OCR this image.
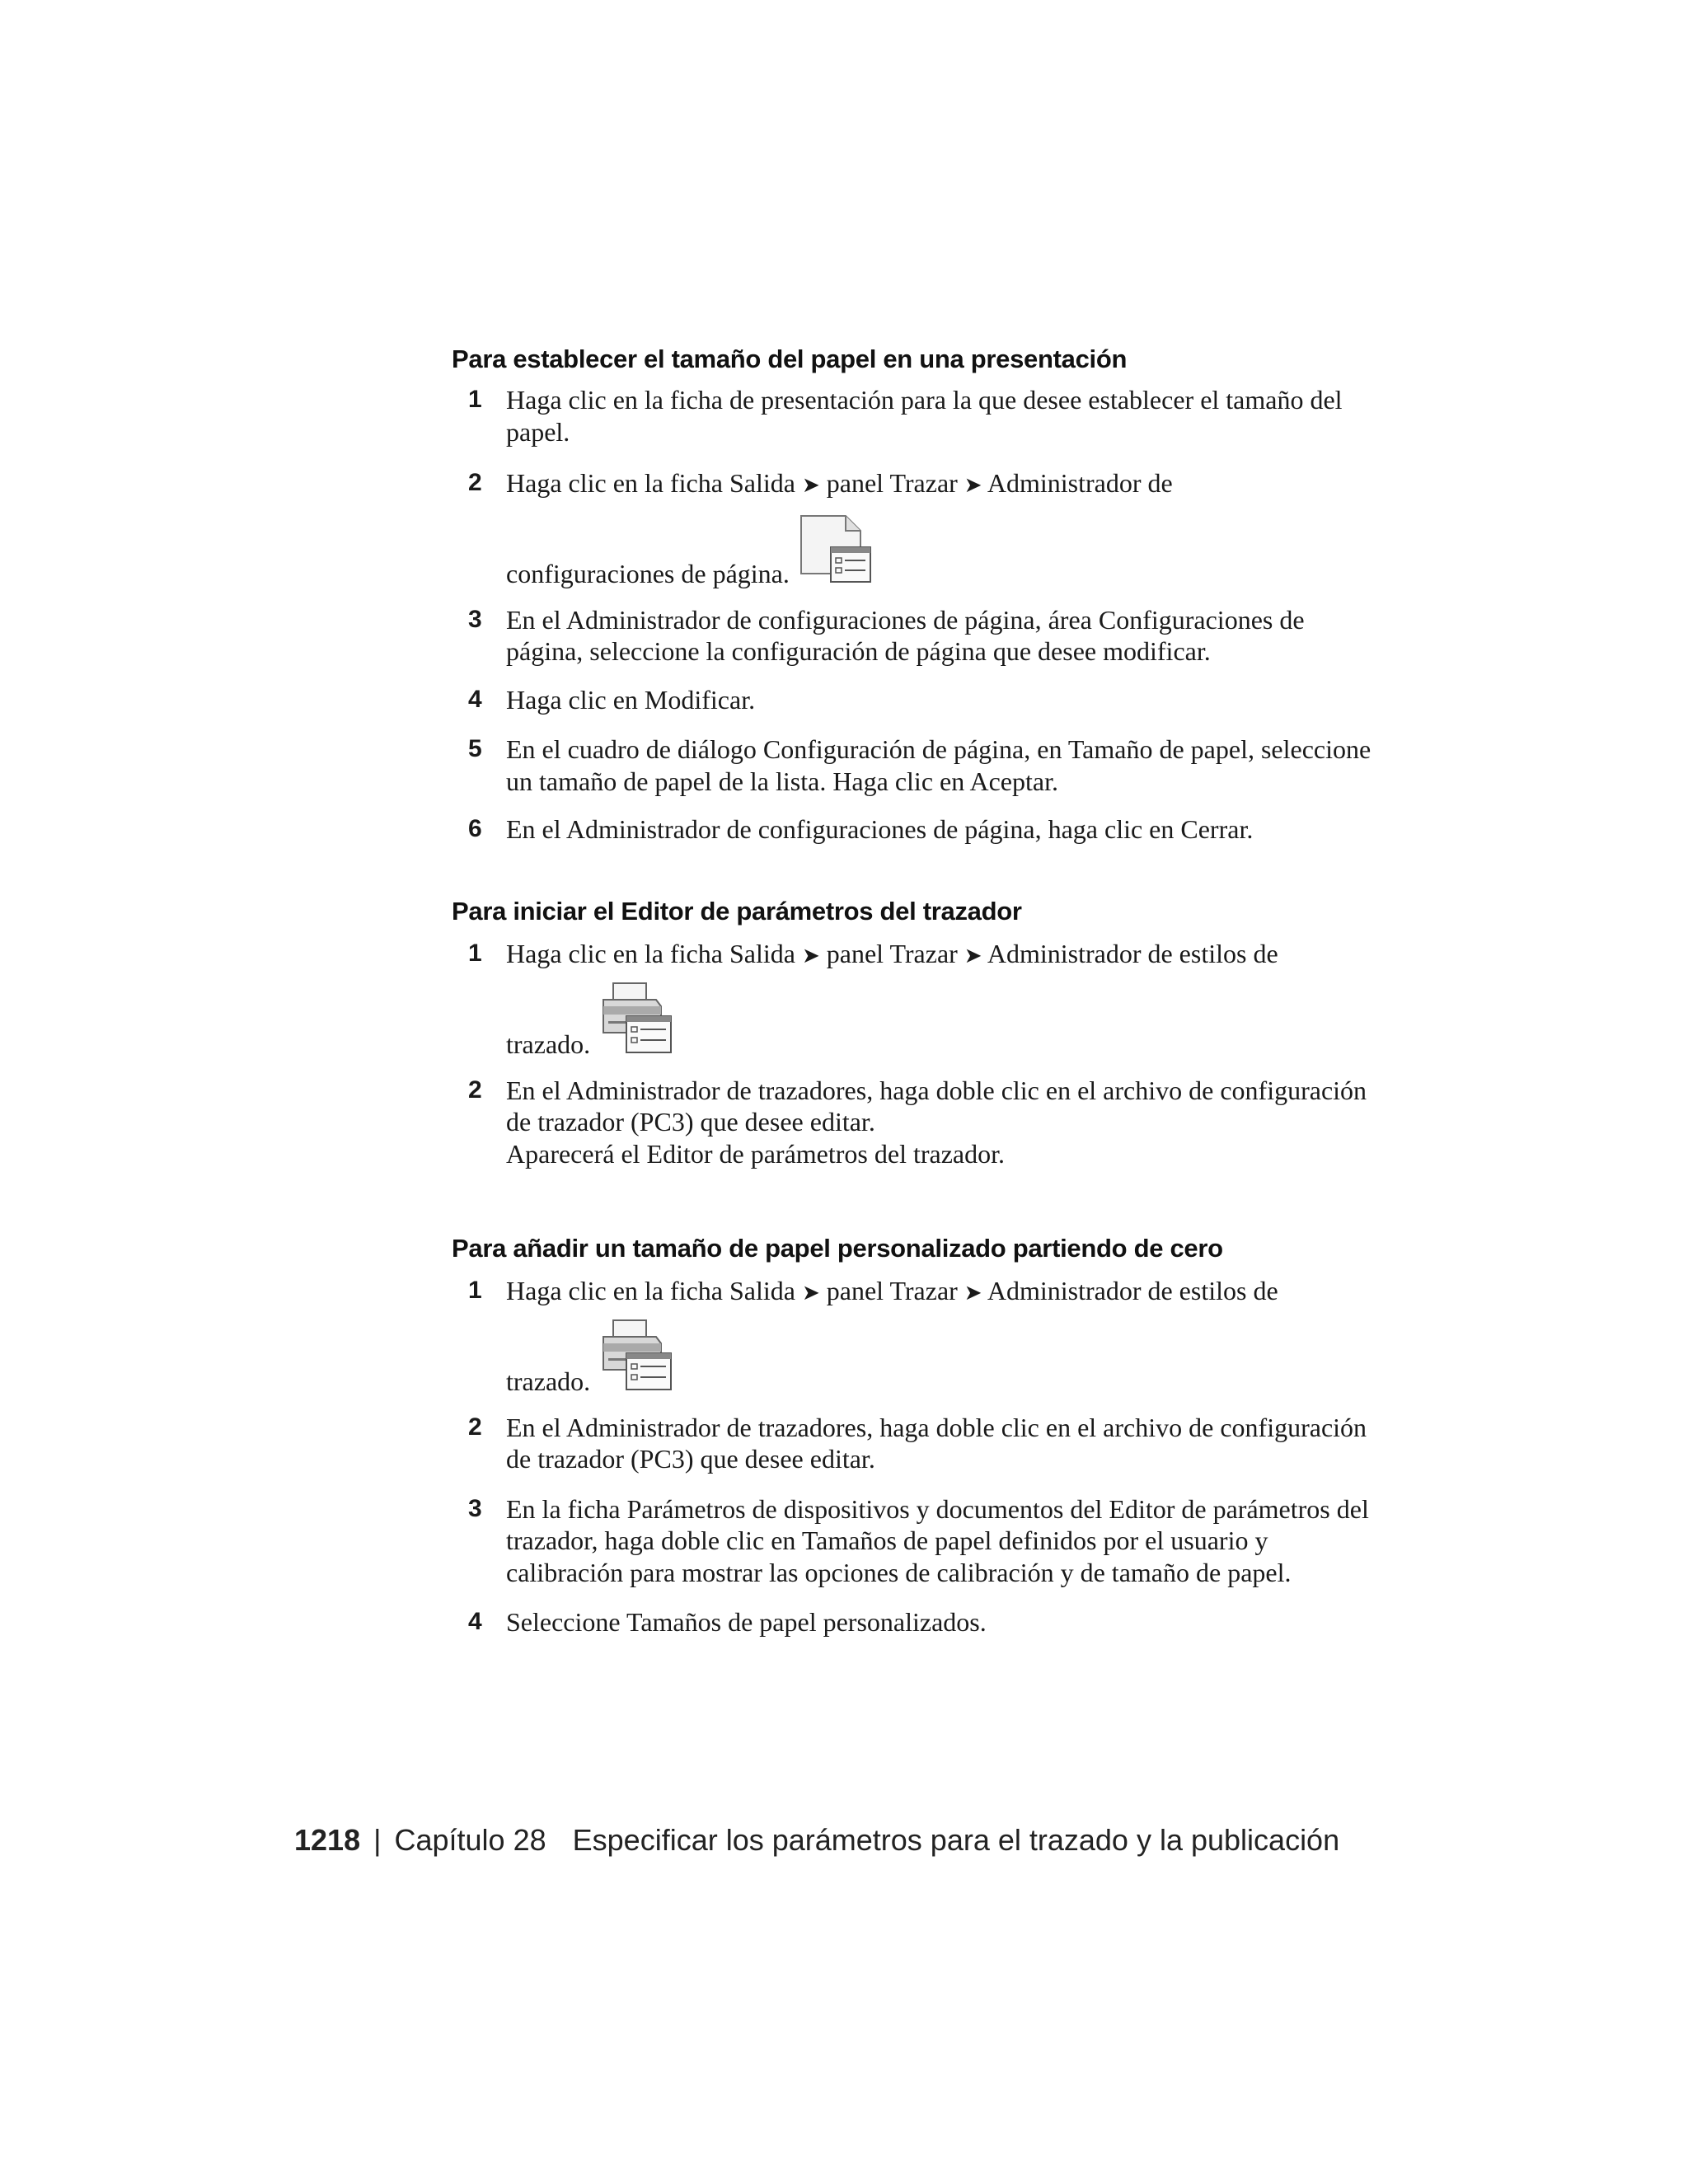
Para establecer el tamaño del papel en una presentación
1 Haga clic en la ficha de presentación para la que desee establecer el tamaño del papel.

2 Haga clic en la ficha Salida ➤ panel Trazar ➤ Administrador de

configuraciones de página.
3 En el Administrador de configuraciones de página, área Configuraciones de página, seleccione la configuración de página que desee modificar.

4 Haga clic en Modificar.

5 En el cuadro de diálogo Configuración de página, en Tamaño de papel, seleccione un tamaño de papel de la lista. Haga clic en Aceptar.

6 En el Administrador de configuraciones de página, haga clic en Cerrar.

Para iniciar el Editor de parámetros del trazador
1 Haga clic en la ficha Salida ➤ panel Trazar ➤ Administrador de estilos de

trazado.
2 En el Administrador de trazadores, haga doble clic en el archivo de configuración de trazador (PC3) que desee editar.

Aparecerá el Editor de parámetros del trazador.

Para añadir un tamaño de papel personalizado partiendo de cero
1 Haga clic en la ficha Salida ➤ panel Trazar ➤ Administrador de estilos de

trazado.
2 En el Administrador de trazadores, haga doble clic en el archivo de configuración de trazador (PC3) que desee editar.

3 En la ficha Parámetros de dispositivos y documentos del Editor de parámetros del trazador, haga doble clic en Tamaños de papel definidos por el usuario y calibración para mostrar las opciones de calibración y de tamaño de papel.

4 Seleccione Tamaños de papel personalizados.

1218 | Capítulo 28 Especificar los parámetros para el trazado y la publicación
